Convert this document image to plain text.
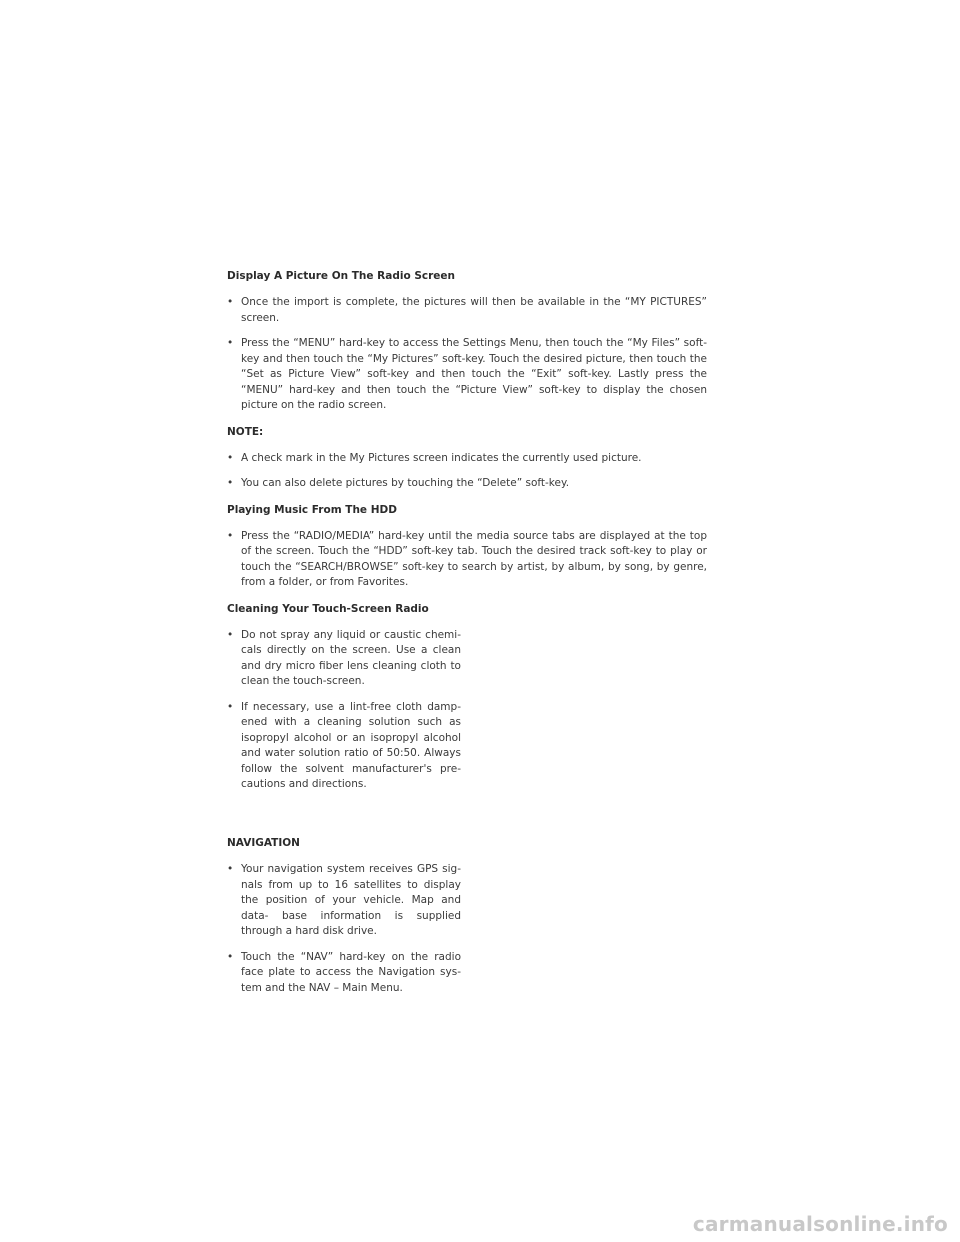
Display A Picture On The Radio Screen
• Once the import is complete, the pictures will then be available in the “MY PICTURES” screen.
• Press the “MENU” hard-key to access the Settings Menu, then touch the “My Files” soft-key and then touch the “My Pictures” soft-key. Touch the desired picture, then touch the “Set as Picture View” soft-key and then touch the “Exit” soft-key. Lastly press the “MENU” hard-key and then touch the “Picture View” soft-key to display the chosen picture on the radio screen.
NOTE:
• A check mark in the My Pictures screen indicates the currently used picture.
• You can also delete pictures by touching the “Delete” soft-key.
Playing Music From The HDD
• Press the “RADIO/MEDIA” hard-key until the media source tabs are displayed at the top of the screen. Touch the “HDD” soft-key tab. Touch the desired track soft-key to play or touch the “SEARCH/BROWSE” soft-key to search by artist, by album, by song, by genre, from a folder, or from Favorites.
Cleaning Your Touch-Screen Radio
• Do not spray any liquid or caustic chemi- cals directly on the screen. Use a clean and dry micro fiber lens cleaning cloth to clean the touch-screen.
• If necessary, use a lint-free cloth damp- ened with a cleaning solution such as isopropyl alcohol or an isopropyl alcohol and water solution ratio of 50:50. Always follow the solvent manufacturer's pre- cautions and directions.
NAVIGATION
• Your navigation system receives GPS sig- nals from up to 16 satellites to display the position of your vehicle. Map and data- base information is supplied through a hard disk drive.
• Touch the “NAV” hard-key on the radio face plate to access the Navigation sys- tem and the NAV – Main Menu.
carmanualsonline.info
